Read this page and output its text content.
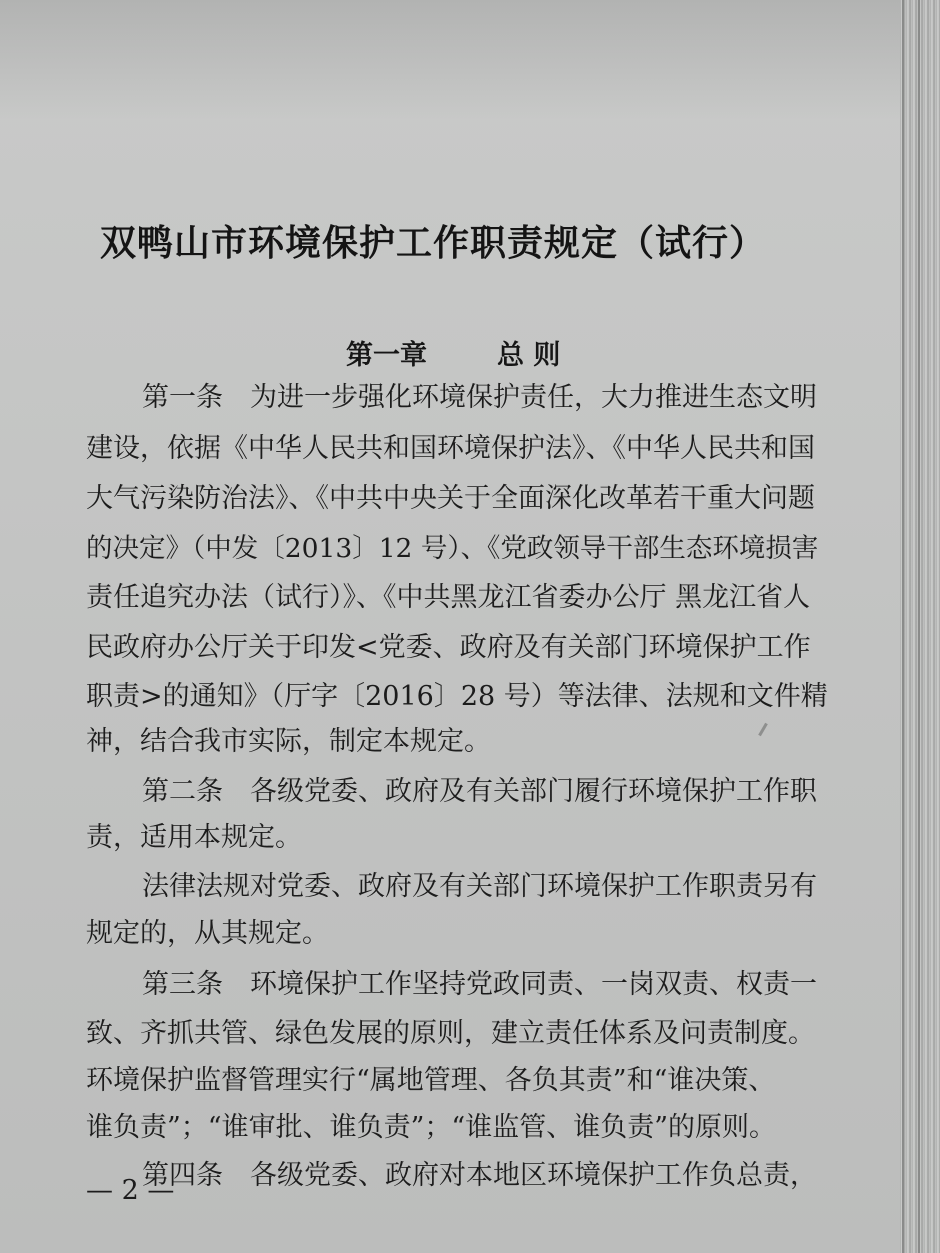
双鸭山市环境保护工作职责规定（试行）
第一章	总 则
第一条　为进一步强化环境保护责任，大力推进生态文明
建设，依据《中华人民共和国环境保护法》、《中华人民共和国
大气污染防治法》、《中共中央关于全面深化改革若干重大问题
的决定》（中发〔2013〕12 号）、《党政领导干部生态环境损害
责任追究办法（试行）》、《中共黑龙江省委办公厅 黑龙江省人
民政府办公厅关于印发<党委、政府及有关部门环境保护工作
职责>的通知》（厅字〔2016〕28 号）等法律、法规和文件精
神，结合我市实际，制定本规定。
第二条　各级党委、政府及有关部门履行环境保护工作职
责，适用本规定。
法律法规对党委、政府及有关部门环境保护工作职责另有
规定的，从其规定。
第三条　环境保护工作坚持党政同责、一岗双责、权责一
致、齐抓共管、绿色发展的原则，建立责任体系及问责制度。
环境保护监督管理实行“属地管理、各负其责”和“谁决策、
谁负责”；“谁审批、谁负责”；“谁监管、谁负责”的原则。
第四条　各级党委、政府对本地区环境保护工作负总责，
— 2 —
